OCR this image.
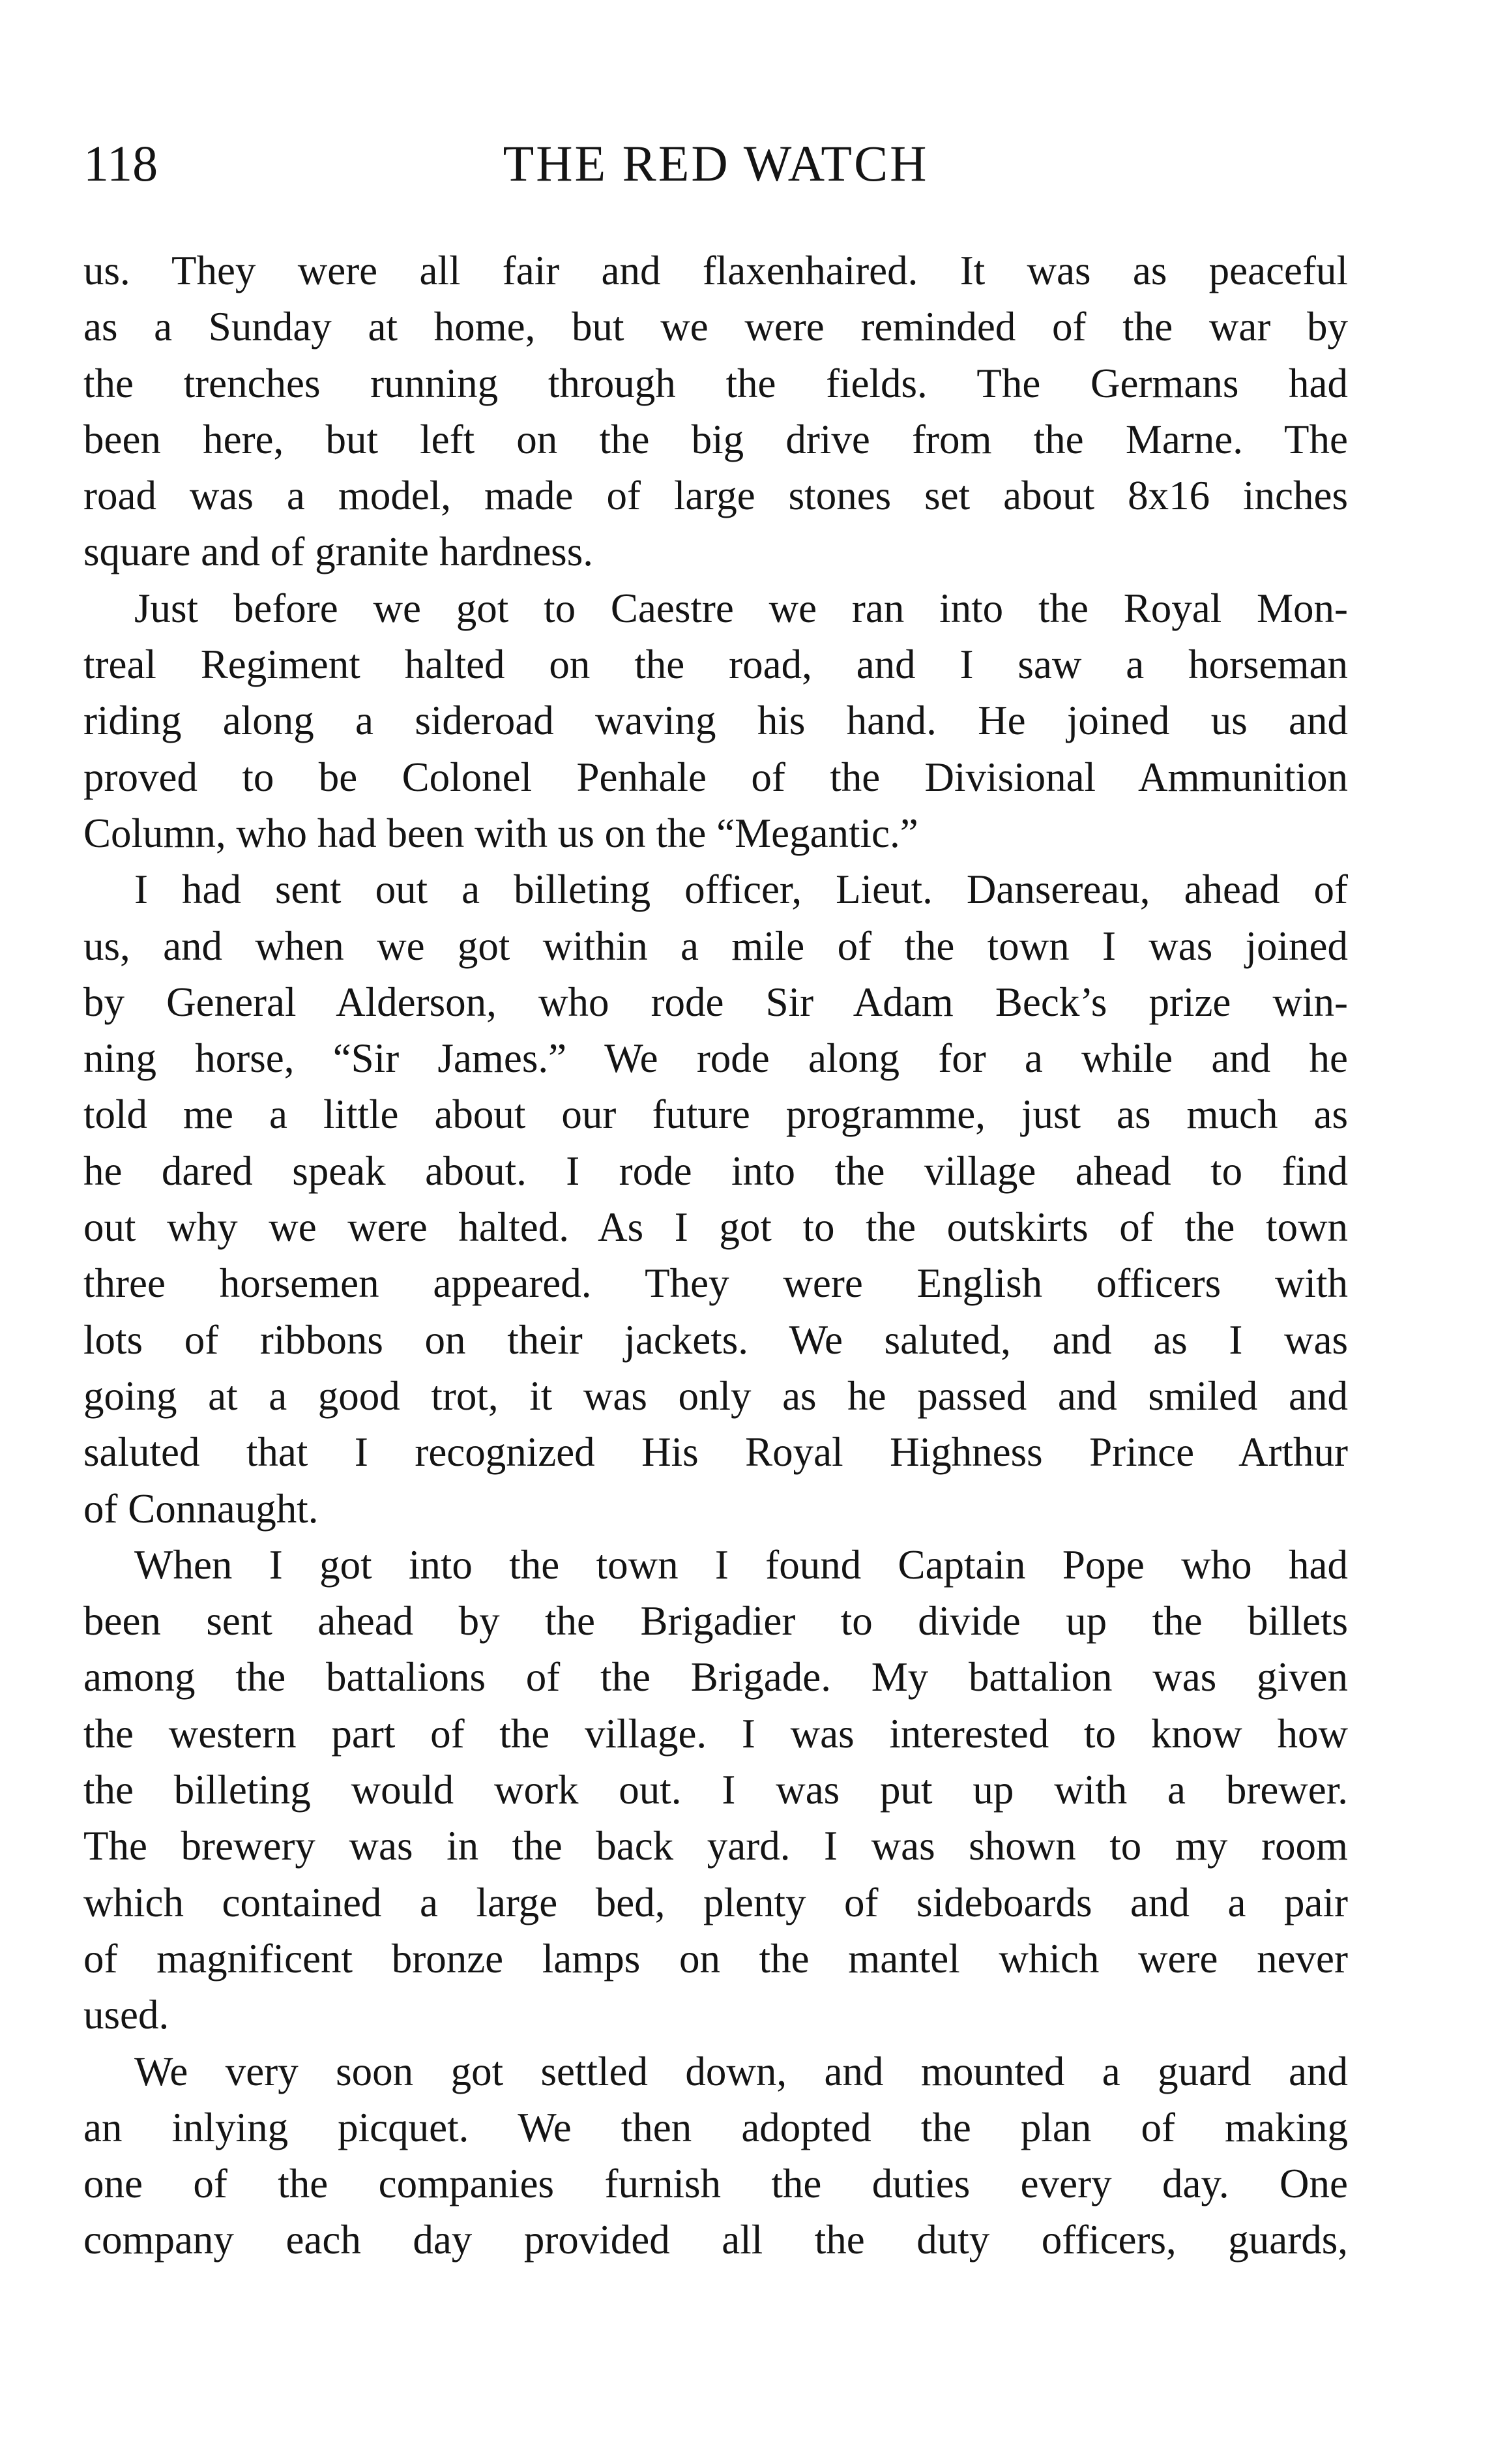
118	THE RED WATCH
us. They were all fair and flaxenhaired. It was as peaceful
as a Sunday at home, but we were reminded of the war by
the trenches running through the fields. The Germans had
been here, but left on the big drive from the Marne. The
road was a model, made of large stones set about 8x16 inches
square and of granite hardness.
Just before we got to Caestre we ran into the Royal Mon-
treal Regiment halted on the road, and I saw a horseman
riding along a sideroad waving his hand. He joined us and
proved to be Colonel Penhale of the Divisional Ammunition
Column, who had been with us on the “Megantic.”
I had sent out a billeting officer, Lieut. Dansereau, ahead of
us, and when we got within a mile of the town I was joined
by General Alderson, who rode Sir Adam Beck’s prize win-
ning horse, “Sir James.” We rode along for a while and he
told me a little about our future programme, just as much as
he dared speak about. I rode into the village ahead to find
out why we were halted. As I got to the outskirts of the town
three horsemen appeared. They were English officers with
lots of ribbons on their jackets. We saluted, and as I was
going at a good trot, it was only as he passed and smiled and
saluted that I recognized His Royal Highness Prince Arthur
of Connaught.
When I got into the town I found Captain Pope who had
been sent ahead by the Brigadier to divide up the billets
among the battalions of the Brigade. My battalion was given
the western part of the village. I was interested to know how
the billeting would work out. I was put up with a brewer.
The brewery was in the back yard. I was shown to my room
which contained a large bed, plenty of sideboards and a pair
of magnificent bronze lamps on the mantel which were never
used.
We very soon got settled down, and mounted a guard and
an inlying picquet. We then adopted the plan of making
one of the companies furnish the duties every day. One
company each day provided all the duty officers, guards,
